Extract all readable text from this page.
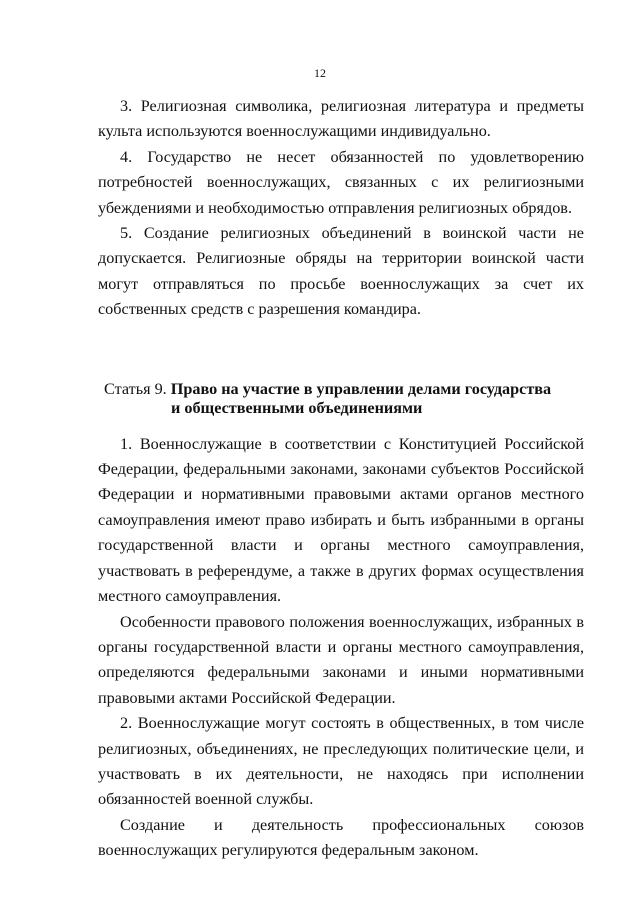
12

3. Религиозная символика, религиозная литература и предметы культа используются военнослужащими индивидуально.

4. Государство не несет обязанностей по удовлетворению потребностей военнослужащих, связанных с их религиозными убеждениями и необходимостью отправления религиозных обрядов.

5. Создание религиозных объединений в воинской части не допускается. Религиозные обряды на территории воинской части могут отправляться по просьбе военнослужащих за счет их собственных средств с разрешения командира.

Статья 9. Право на участие в управлении делами государства
и общественными объединениями

1. Военнослужащие в соответствии с Конституцией Российской Федерации, федеральными законами, законами субъектов Российской Федерации и нормативными правовыми актами органов местного самоуправления имеют право избирать и быть избранными в органы государственной власти и органы местного самоуправления, участвовать в референдуме, а также в других формах осуществления местного самоуправления.

Особенности правового положения военнослужащих, избранных в органы государственной власти и органы местного самоуправления, определяются федеральными законами и иными нормативными правовыми актами Российской Федерации.

2. Военнослужащие могут состоять в общественных, в том числе религиозных, объединениях, не преследующих политические цели, и участвовать в их деятельности, не находясь при исполнении обязанностей военной службы.

Создание и деятельность профессиональных союзов военнослужащих регулируются федеральным законом.
